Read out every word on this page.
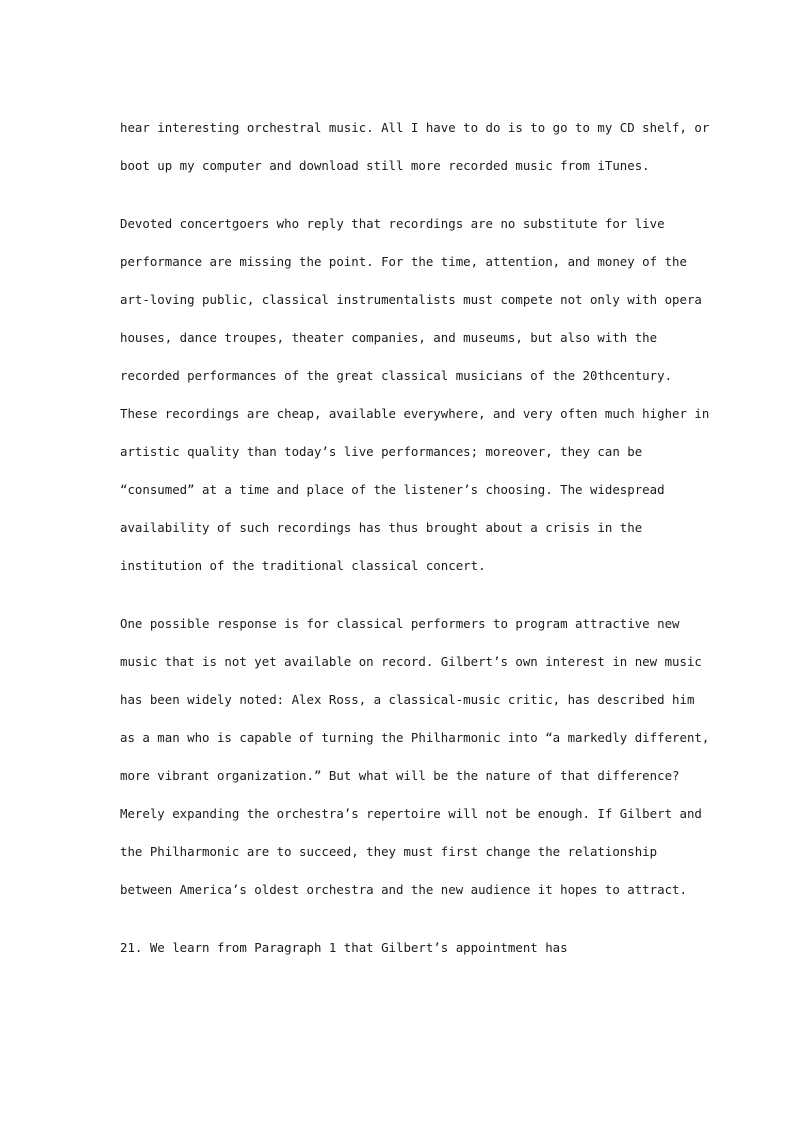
hear interesting orchestral music. All I have to do is to go to my CD shelf, or
boot up my computer and download still more recorded music from iTunes.
Devoted concertgoers who reply that recordings are no substitute for live
performance are missing the point. For the time, attention, and money of the
art-loving public, classical instrumentalists must compete not only with opera
houses, dance troupes, theater companies, and museums, but also with the
recorded performances of the great classical musicians of the 20thcentury.
These recordings are cheap, available everywhere, and very often much higher in
artistic quality than today’s live performances; moreover, they can be
“consumed” at a time and place of the listener’s choosing. The widespread
availability of such recordings has thus brought about a crisis in the
institution of the traditional classical concert.
One possible response is for classical performers to program attractive new
music that is not yet available on record. Gilbert’s own interest in new music
has been widely noted: Alex Ross, a classical-music critic, has described him
as a man who is capable of turning the Philharmonic into “a markedly different,
more vibrant organization.” But what will be the nature of that difference?
Merely expanding the orchestra’s repertoire will not be enough. If Gilbert and
the Philharmonic are to succeed, they must first change the relationship
between America’s oldest orchestra and the new audience it hopes to attract.
21. We learn from Paragraph 1 that Gilbert’s appointment has
